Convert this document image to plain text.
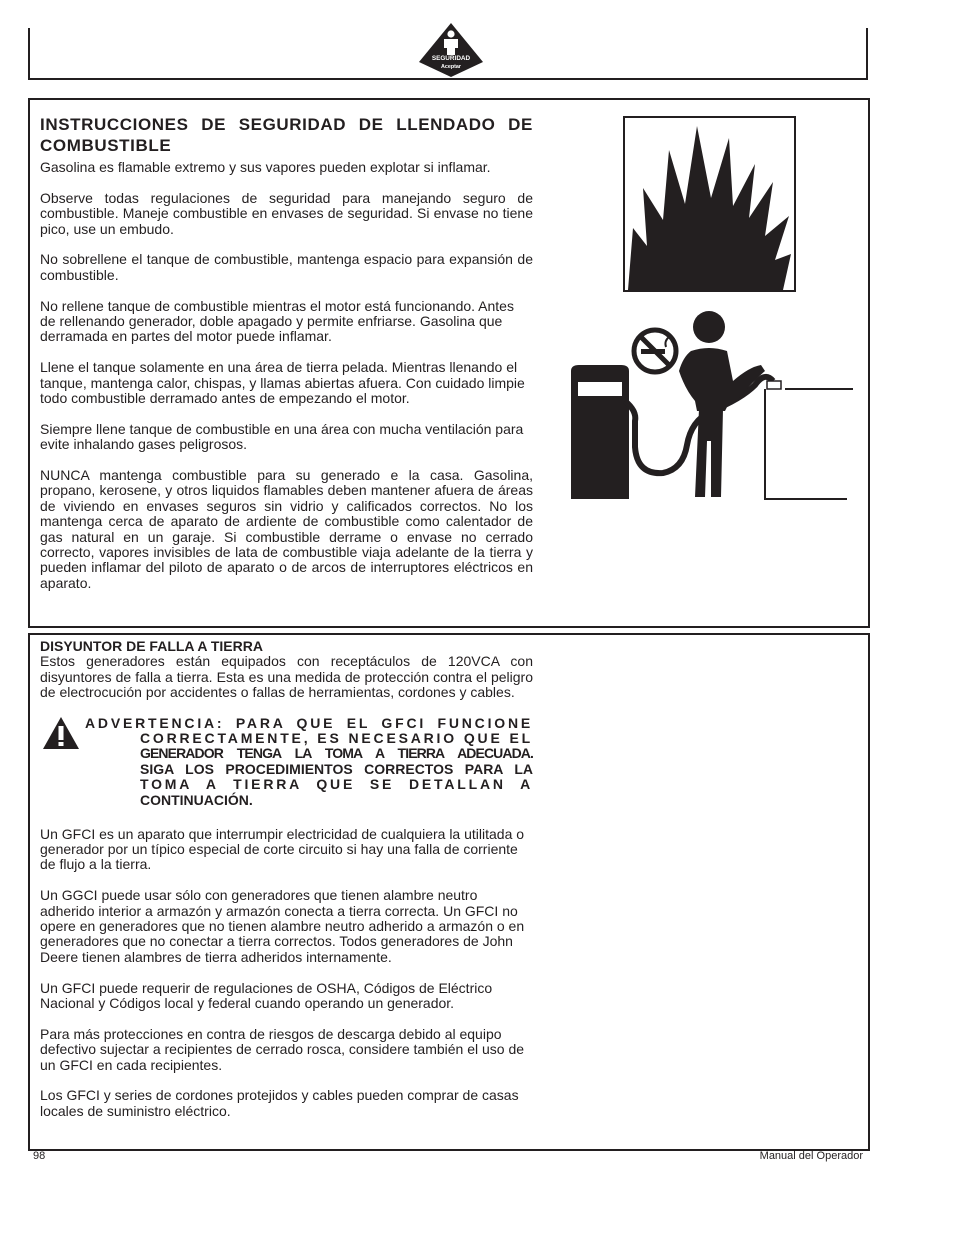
SEGURIDAD
Aceptar
INSTRUCCIONES DE SEGURIDAD DE LLENDADO DE COMBUSTIBLE

Gasolina es flamable extremo y sus vapores pueden explotar si inflamar.

Observe todas regulaciones de seguridad para manejando seguro de combustible. Maneje combustible en envases de seguridad. Si envase no tiene pico, use un embudo.

No sobrellene el tanque de combustible, mantenga espacio para expansión de combustible.

No rellene tanque de combustible mientras el motor está funcionando. Antes de rellenando generador, doble apagado y permite enfriarse. Gasolina que derramada en partes del motor puede inflamar.

Llene el tanque solamente en una área de tierra pelada. Mientras llenando el tanque, mantenga calor, chispas, y llamas abiertas afuera. Con cuidado limpie todo combustible derramado antes de empezando el motor.

Siempre llene tanque de combustible en una área con mucha ventilación para evite inhalando gases peligrosos.

NUNCA mantenga combustible para su generado e la casa. Gasolina, propano, kerosene, y otros liquidos flamables deben mantener afuera de áreas de viviendo en envases seguros sin vidrio y calificados correctos. No los mantenga cerca de aparato de ardiente de combustible como calentador de gas natural en un garaje. Si combustible derrame o envase no cerrado correcto, vapores invisibles de lata de combustible viaja adelante de la tierra y pueden inflamar del piloto de aparato o de arcos de interruptores eléctricos en aparato.

DISYUNTOR DE FALLA A TIERRA

Estos generadores están equipados con receptáculos de 120VCA con disyuntores de falla a tierra. Esta es una medida de protección contra el peligro de electrocución por accidentes o fallas de herramientas, cordones y cables.

ADVERTENCIA: PARA QUE EL GFCI FUNCIONE
CORRECTAMENTE, ES NECESARIO QUE EL
GENERADOR TENGA LA TOMA A TIERRA ADECUADA.
SIGA LOS PROCEDIMIENTOS CORRECTOS PARA LA
TOMA A TIERRA QUE SE DETALLAN A
CONTINUACIÓN.

Un GFCI es un aparato que interrumpir electricidad de cualquiera la utilitada o generador por un típico especial de corte circuito si hay una falla de corriente de flujo a la tierra.

Un GGCI puede usar sólo con generadores que tienen alambre neutro adherido interior a armazón y armazón conecta a tierra correcta. Un GFCI no opere en generadores que no tienen alambre neutro adherido a armazón o en generadores que no conectar a tierra correctos. Todos generadores de John Deere tienen alambres de tierra adheridos internamente.

Un GFCI puede requerir de regulaciones de OSHA, Códigos de Eléctrico Nacional y Códigos local y federal cuando operando un generador.

Para más protecciones en contra de riesgos de descarga debido al equipo defectivo sujectar a recipientes de cerrado rosca, considere también el uso de un GFCI en cada recipientes.

Los GFCI y series de cordones protejidos y cables pueden comprar de casas locales de suministro eléctrico.

98	Manual del Operador
